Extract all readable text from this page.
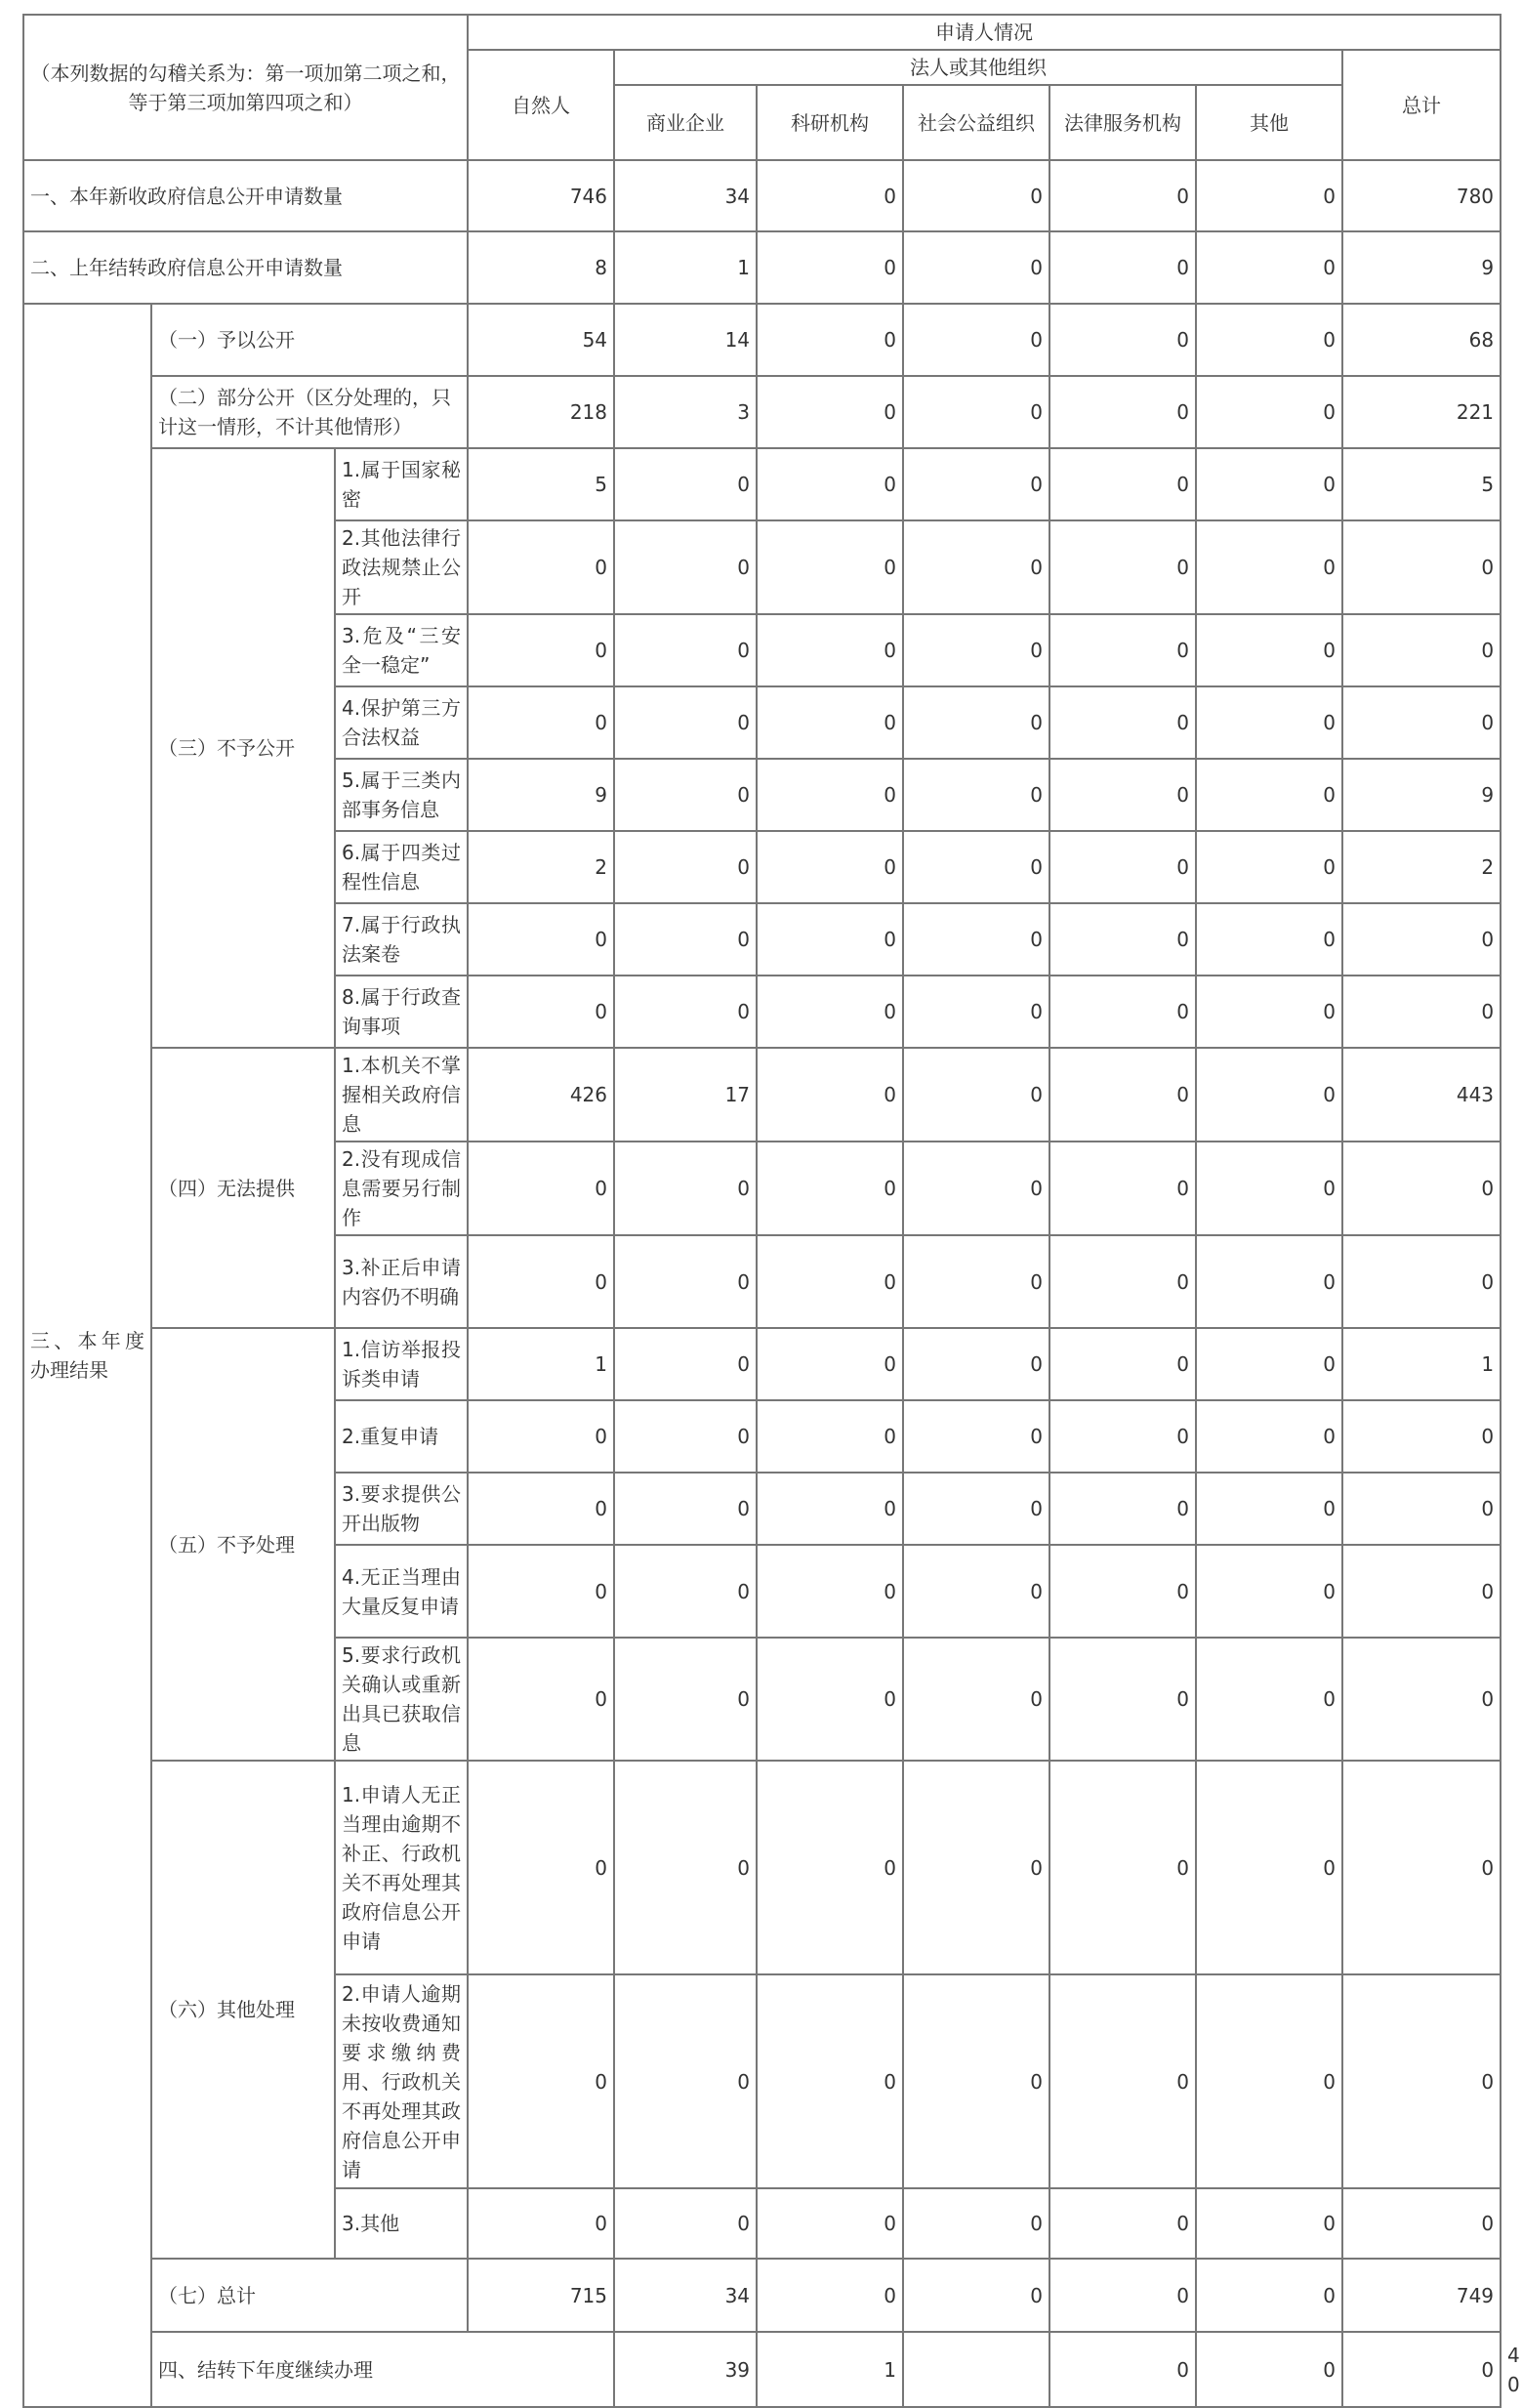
（本列数据的勾稽关系为：第一项加第二项之和，等于第三项加第四项之和）			申请人情况							
			自然人	法人或其他组织					总计	
				商业企业	科研机构	社会公益组织	法律服务机构	其他		
一、本年新收政府信息公开申请数量			746	34	0	0	0	0	780	
二、上年结转政府信息公开申请数量			8	1	0	0	0	0	9	
三、本年度办理结果	（一）予以公开		54	14	0	0	0	0	68	
	（二）部分公开（区分处理的，只计这一情形，不计其他情形）		218	3	0	0	0	0	221	
	（三）不予公开	1.属于国家秘密	5	0	0	0	0	0	5	
		2.其他法律行政法规禁止公开	0	0	0	0	0	0	0	
		3.危及“三安全一稳定”	0	0	0	0	0	0	0	
		4.保护第三方合法权益	0	0	0	0	0	0	0	
		5.属于三类内部事务信息	9	0	0	0	0	0	9	
		6.属于四类过程性信息	2	0	0	0	0	0	2	
		7.属于行政执法案卷	0	0	0	0	0	0	0	
		8.属于行政查询事项	0	0	0	0	0	0	0	
	（四）无法提供	1.本机关不掌握相关政府信息	426	17	0	0	0	0	443	
		2.没有现成信息需要另行制作	0	0	0	0	0	0	0	
		3.补正后申请内容仍不明确	0	0	0	0	0	0	0	
	（五）不予处理	1.信访举报投诉类申请	1	0	0	0	0	0	1	
		2.重复申请	0	0	0	0	0	0	0	
		3.要求提供公开出版物	0	0	0	0	0	0	0	
		4.无正当理由大量反复申请	0	0	0	0	0	0	0	
		5.要求行政机关确认或重新出具已获取信息	0	0	0	0	0	0	0	
	（六）其他处理	1.申请人无正当理由逾期不补正、行政机关不再处理其政府信息公开申请	0	0	0	0	0	0	0	
		2.申请人逾期未按收费通知要求缴纳费用、行政机关不再处理其政府信息公开申请	0	0	0	0	0	0	0	
		3.其他	0	0	0	0	0	0	0	
	（七）总计		715	34	0	0	0	0	749	
	四、结转下年度继续办理			39	1		0	0	0	40
